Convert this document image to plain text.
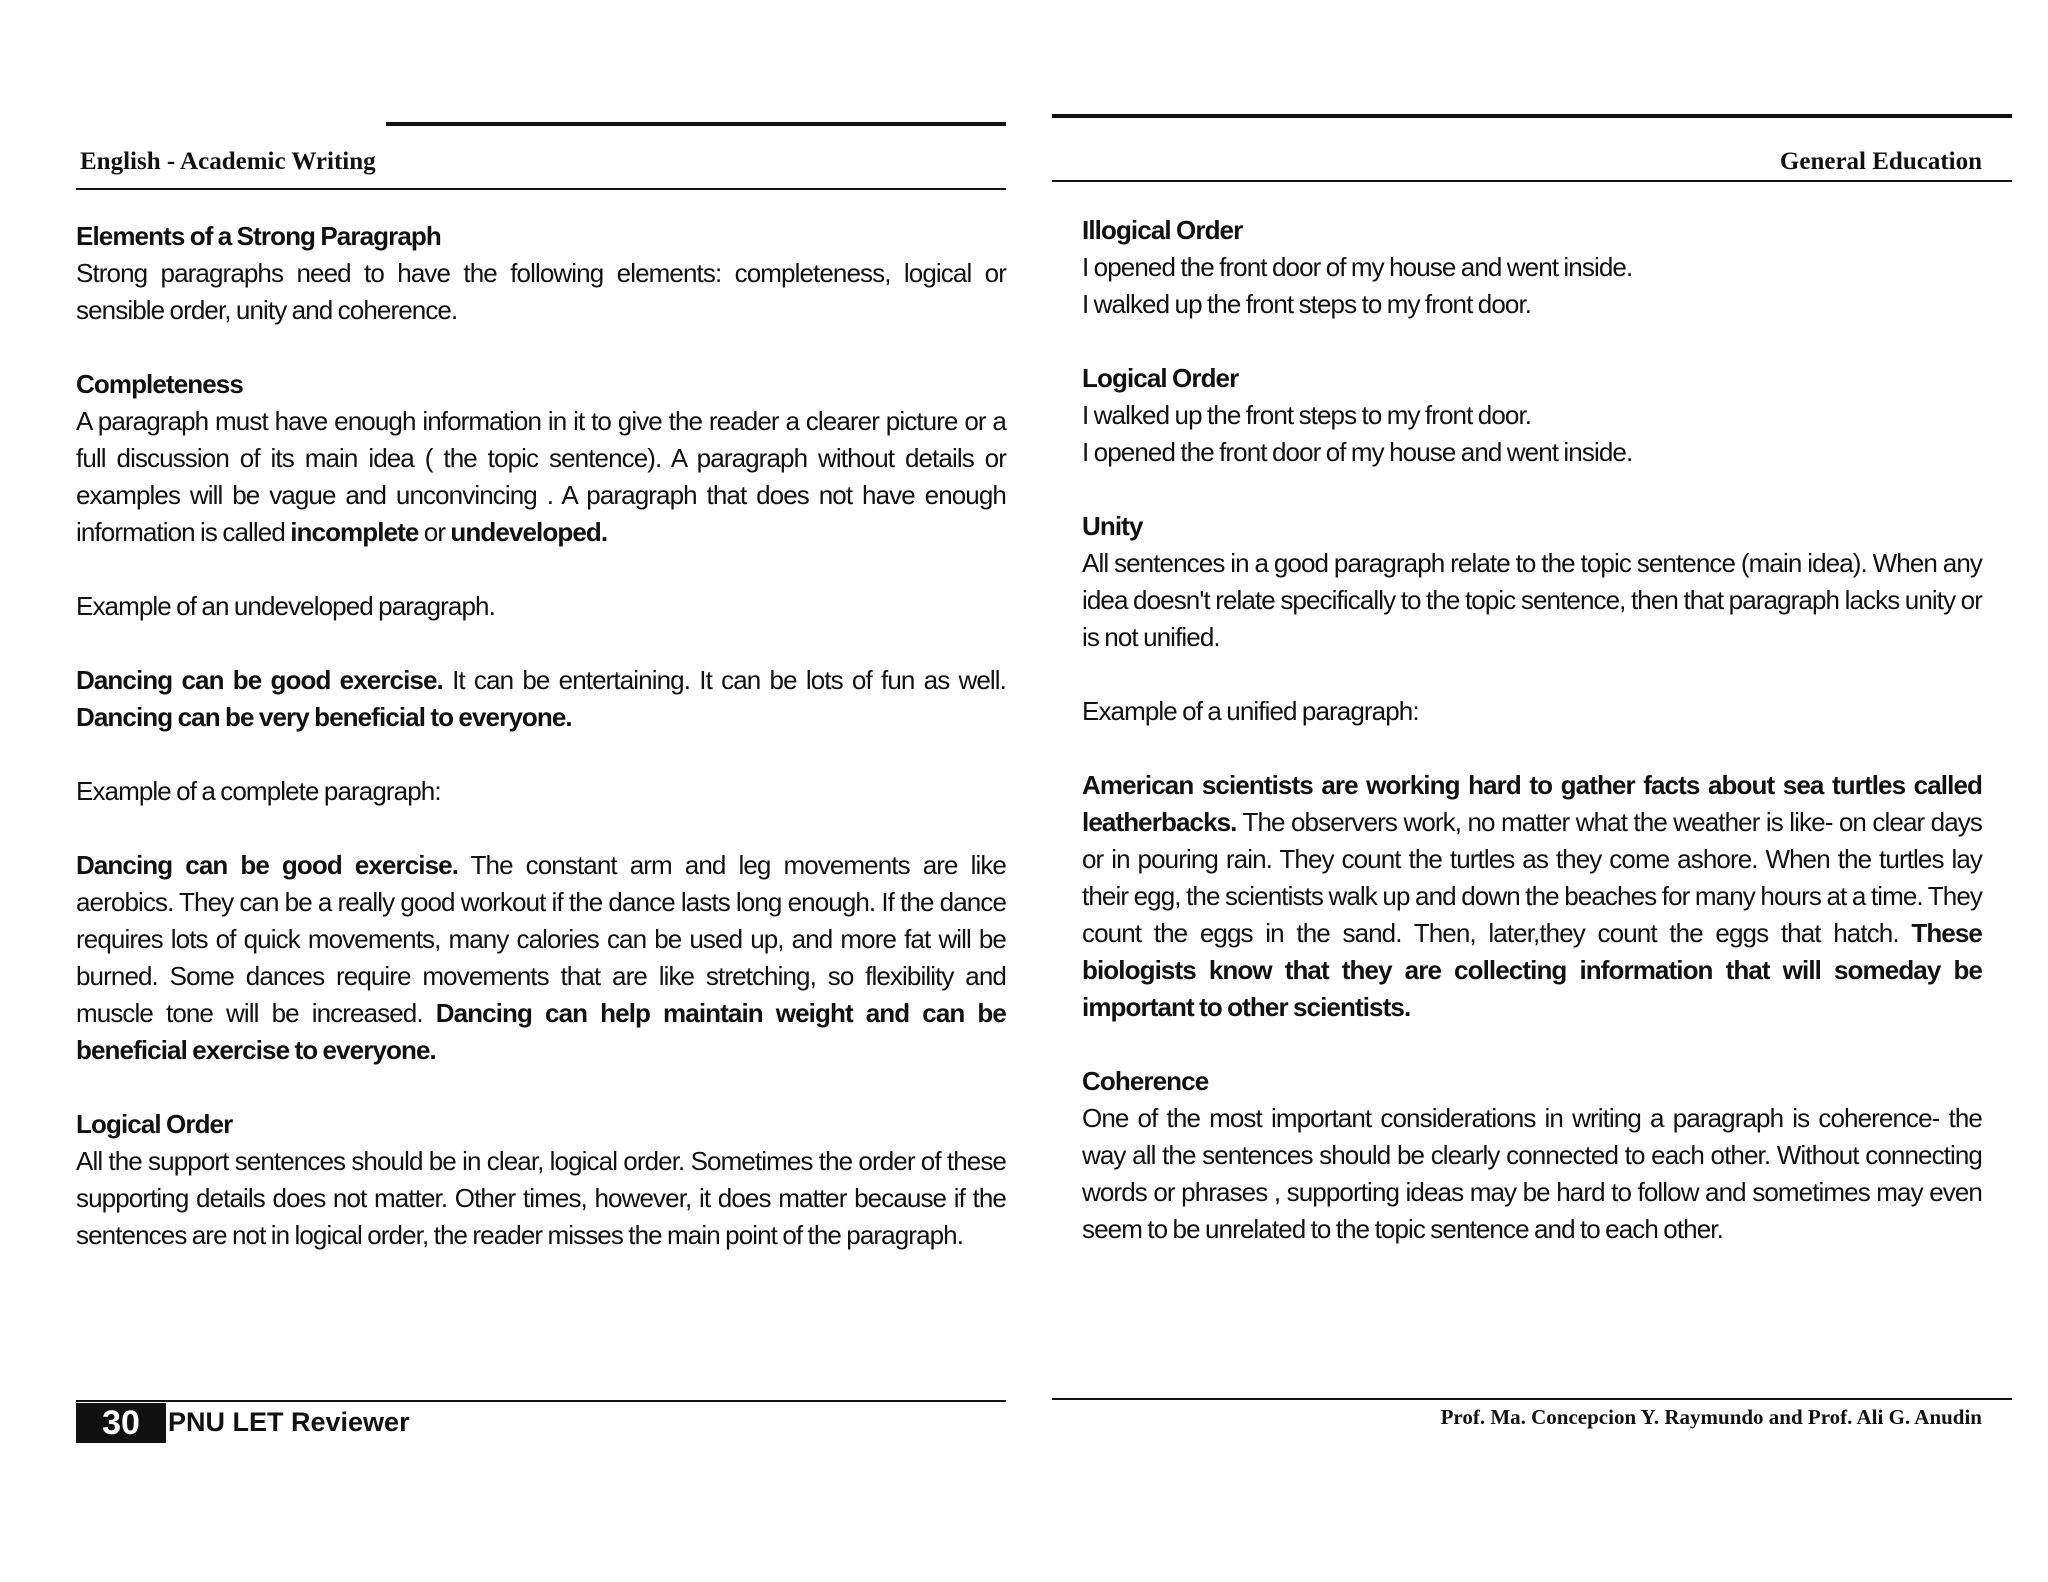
English - Academic Writing

Elements of a Strong Paragraph

Strong paragraphs need to have the following elements: completeness, logical or sensible order, unity and coherence.

Completeness

A paragraph must have enough information in it to give the reader a clearer picture or a full discussion of its main idea ( the topic sentence). A paragraph without details or examples will be vague and unconvincing . A paragraph that does not have enough information is called incomplete or undeveloped.

Example of an undeveloped paragraph.

Dancing can be good exercise. It can be entertaining. It can be lots of fun as well. Dancing can be very beneficial to everyone.

Example of a complete paragraph:

Dancing can be good exercise. The constant arm and leg movements are like aerobics. They can be a really good workout if the dance lasts long enough. If the dance requires lots of quick movements, many calories can be used up, and more fat will be burned. Some dances require movements that are like stretching, so flexibility and muscle tone will be increased. Dancing can help maintain weight and can be beneficial exercise to everyone.

Logical Order

All the support sentences should be in clear, logical order. Sometimes the order of these supporting details does not matter. Other times, however, it does matter because if the sentences are not in logical order, the reader misses the main point of the paragraph.

30	PNU LET Reviewer
General Education

Illogical Order

I opened the front door of my house and went inside.

I walked up the front steps to my front door.

Logical Order

I walked up the front steps to my front door.

I opened the front door of my house and went inside.

Unity

All sentences in a good paragraph relate to the topic sentence (main idea). When any idea doesn't relate specifically to the topic sentence, then that paragraph lacks unity or is not unified.

Example of a unified paragraph:

American scientists are working hard to gather facts about sea turtles called leatherbacks. The observers work, no matter what the weather is like- on clear days or in pouring rain. They count the turtles as they come ashore. When the turtles lay their egg, the scientists walk up and down the beaches for many hours at a time. They count the eggs in the sand. Then, later,they count the eggs that hatch. These biologists know that they are collecting information that will someday be important to other scientists.

Coherence

One of the most important considerations in writing a paragraph is coherence- the way all the sentences should be clearly connected to each other. Without connecting words or phrases , supporting ideas may be hard to follow and sometimes may even seem to be unrelated to the topic sentence and to each other.

Prof. Ma. Concepcion Y. Raymundo and Prof. Ali G. Anudin
